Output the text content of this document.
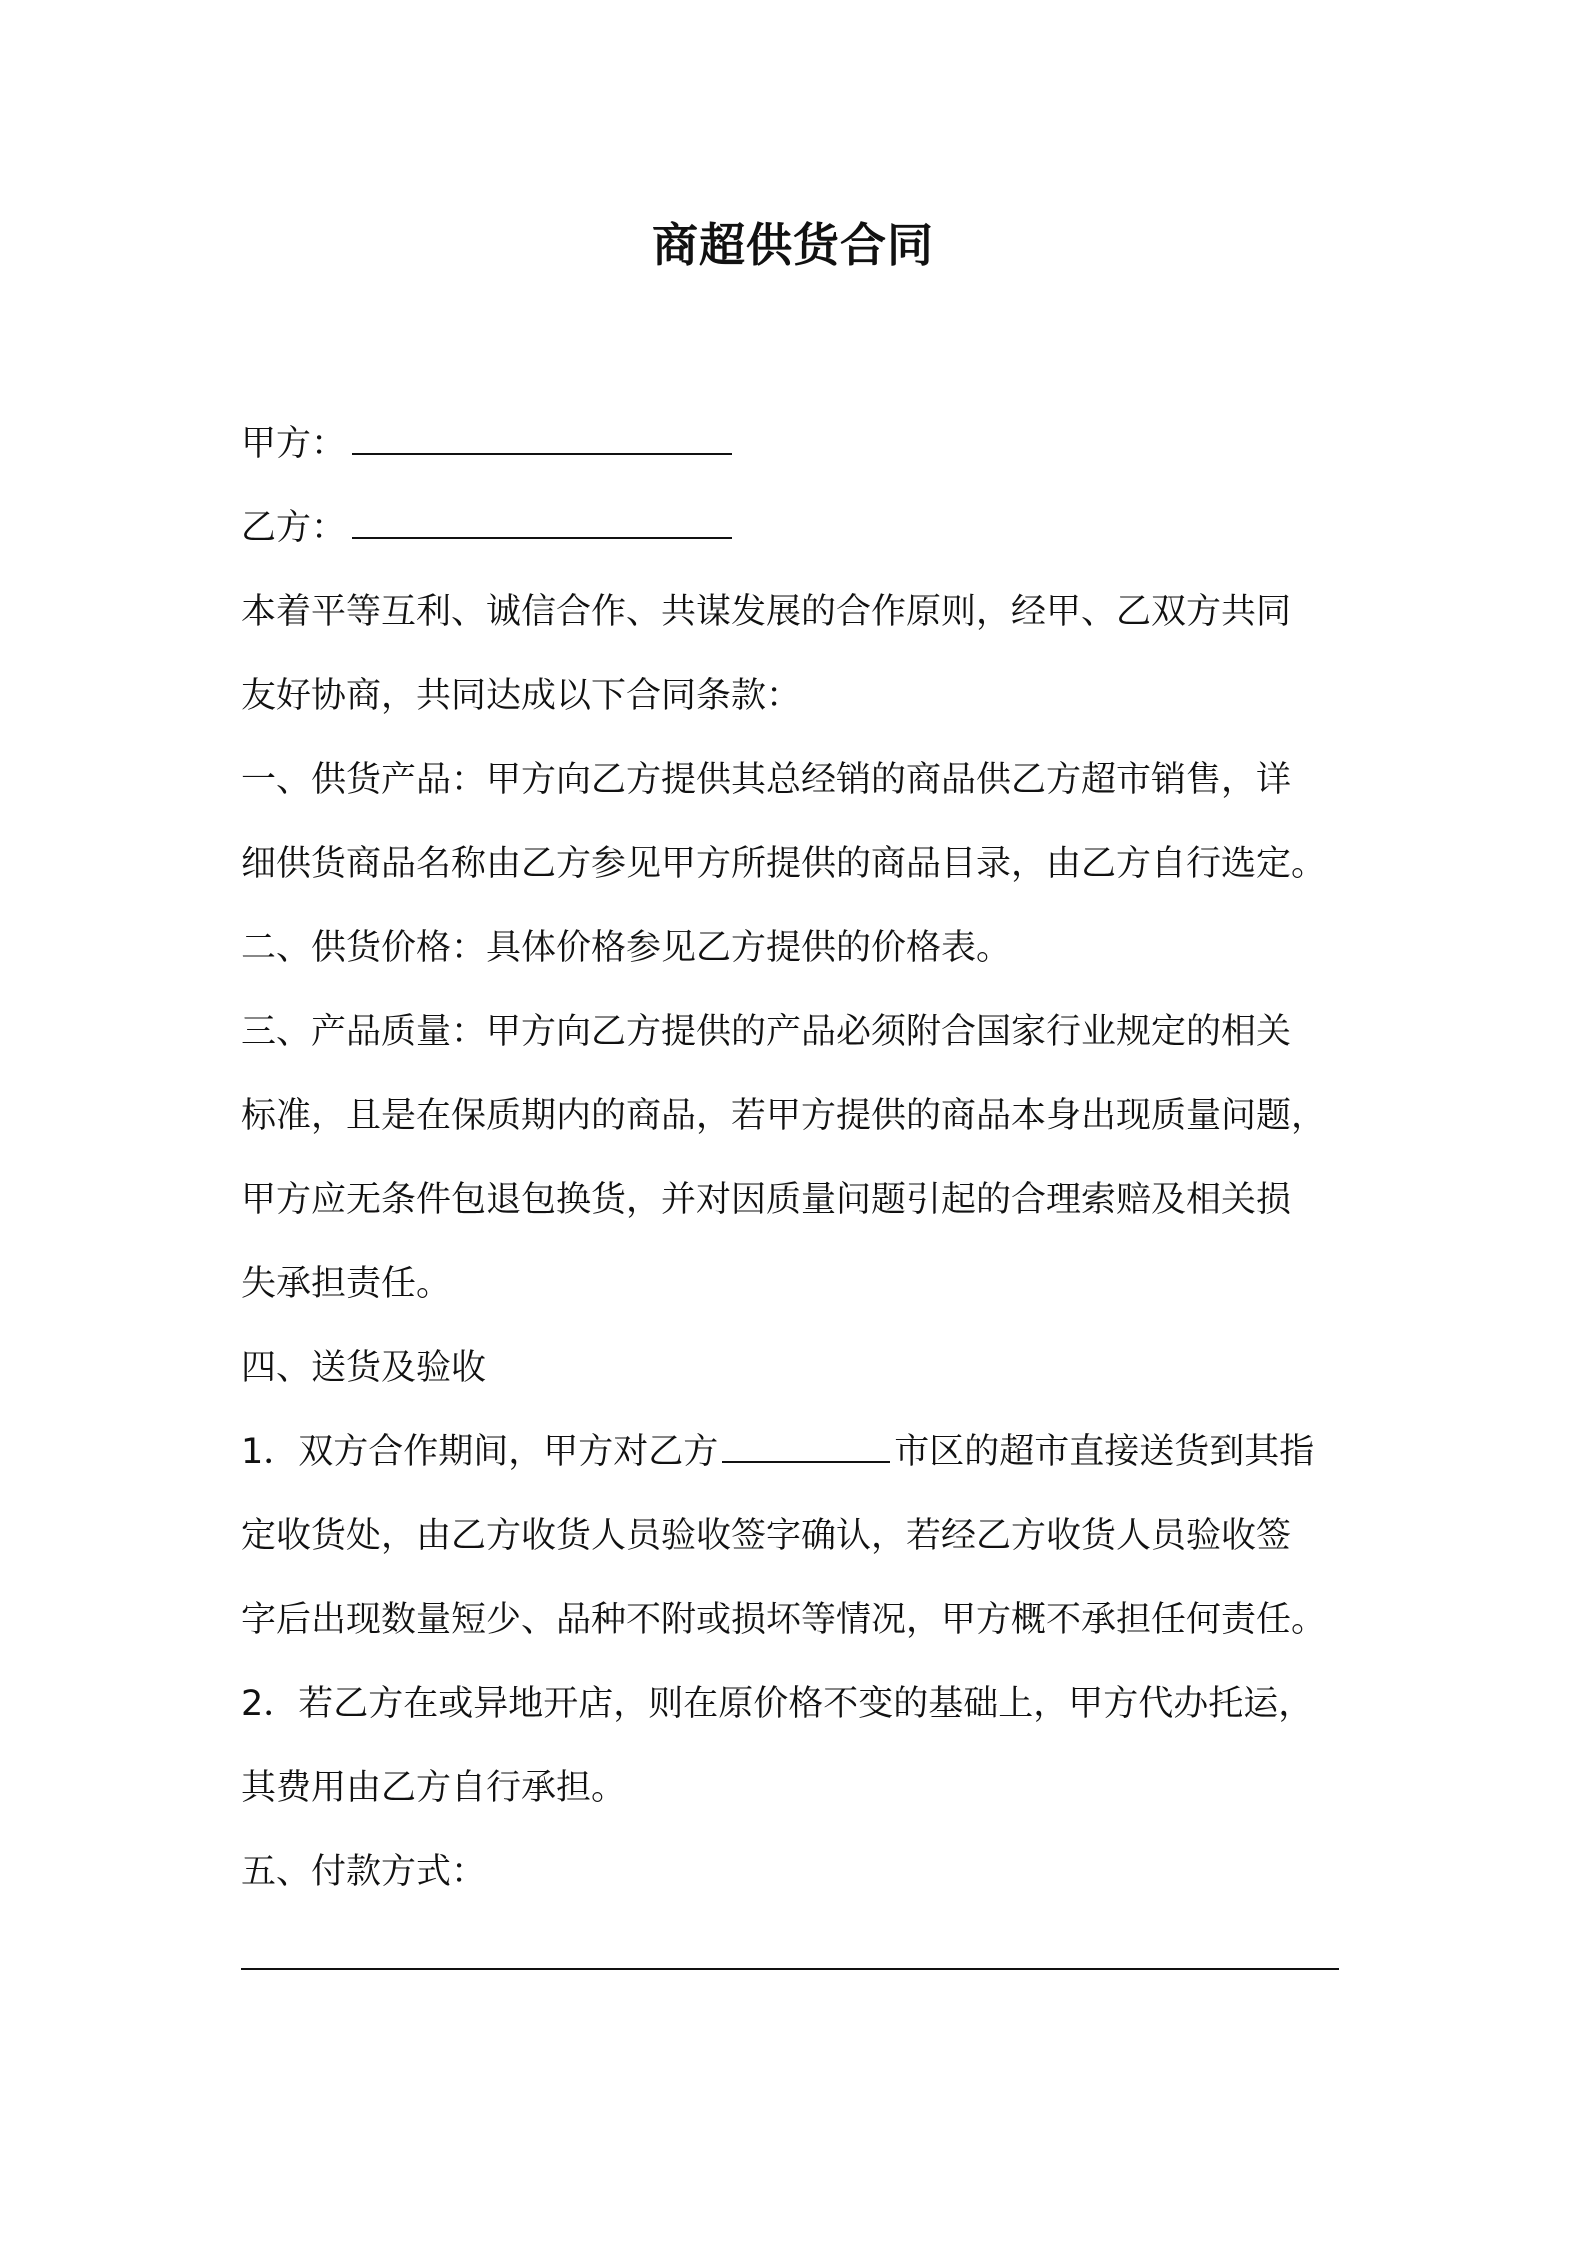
商超供货合同
甲方：
乙方：
本着平等互利、诚信合作、共谋发展的合作原则，经甲、乙双方共同
友好协商，共同达成以下合同条款：
一、供货产品：甲方向乙方提供其总经销的商品供乙方超市销售，详
细供货商品名称由乙方参见甲方所提供的商品目录，由乙方自行选定。
二、供货价格：具体价格参见乙方提供的价格表。
三、产品质量：甲方向乙方提供的产品必须附合国家行业规定的相关
标准，且是在保质期内的商品，若甲方提供的商品本身出现质量问题，
甲方应无条件包退包换货，并对因质量问题引起的合理索赔及相关损
失承担责任。
四、送货及验收
1．双方合作期间，甲方对乙方	市区的超市直接送货到其指
定收货处，由乙方收货人员验收签字确认，若经乙方收货人员验收签
字后出现数量短少、品种不附或损坏等情况，甲方概不承担任何责任。
2．若乙方在或异地开店，则在原价格不变的基础上，甲方代办托运，
其费用由乙方自行承担。
五、付款方式：
